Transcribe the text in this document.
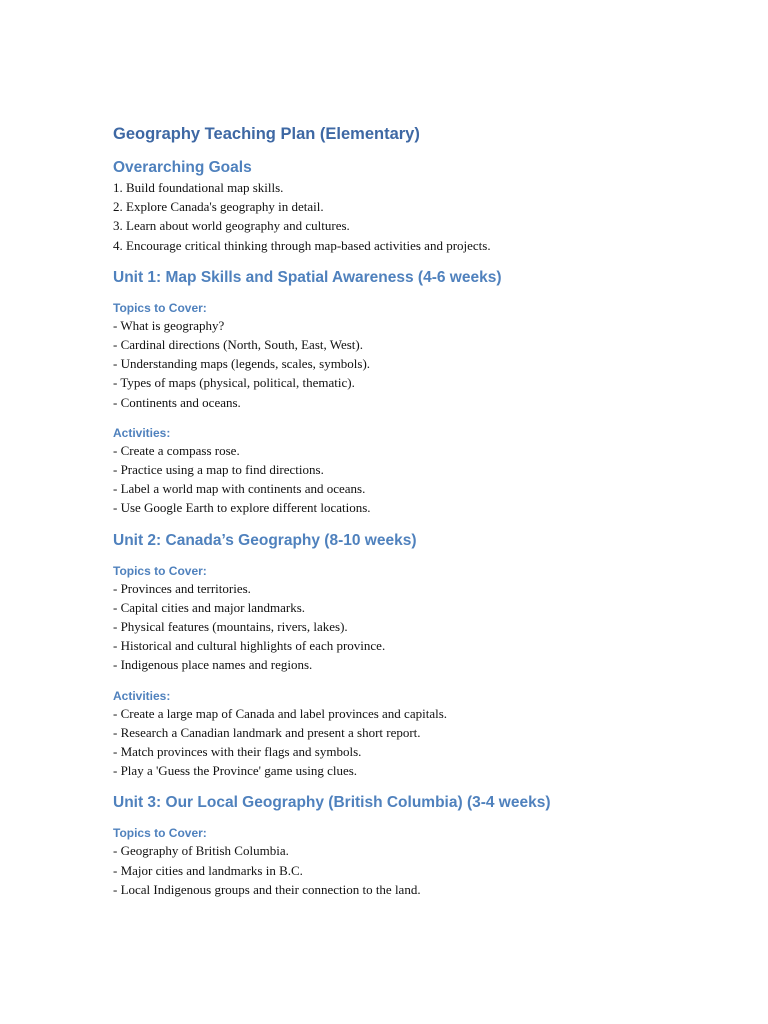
Geography Teaching Plan (Elementary)
Overarching Goals

1. Build foundational map skills.

2. Explore Canada's geography in detail.

3. Learn about world geography and cultures.

4. Encourage critical thinking through map-based activities and projects.

Unit 1: Map Skills and Spatial Awareness (4-6 weeks)
Topics to Cover:

- What is geography?

- Cardinal directions (North, South, East, West).

- Understanding maps (legends, scales, symbols).

- Types of maps (physical, political, thematic).

- Continents and oceans.

Activities:

- Create a compass rose.

- Practice using a map to find directions.

- Label a world map with continents and oceans.

- Use Google Earth to explore different locations.

Unit 2: Canada’s Geography (8-10 weeks)
Topics to Cover:

- Provinces and territories.

- Capital cities and major landmarks.

- Physical features (mountains, rivers, lakes).

- Historical and cultural highlights of each province.

- Indigenous place names and regions.

Activities:

- Create a large map of Canada and label provinces and capitals.

- Research a Canadian landmark and present a short report.

- Match provinces with their flags and symbols.

- Play a 'Guess the Province' game using clues.

Unit 3: Our Local Geography (British Columbia) (3-4 weeks)
Topics to Cover:

- Geography of British Columbia.

- Major cities and landmarks in B.C.

- Local Indigenous groups and their connection to the land.
